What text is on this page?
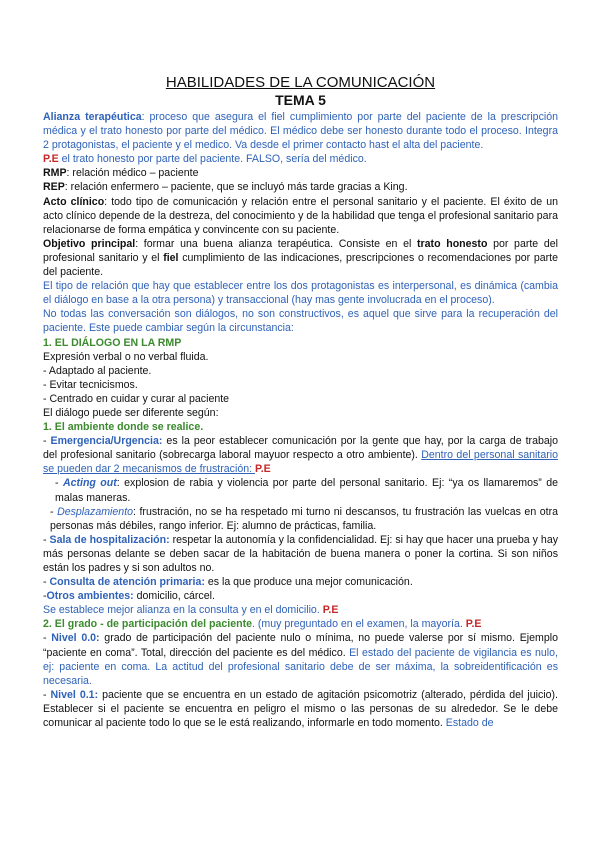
HABILIDADES DE LA COMUNICACIÓN
TEMA 5

Alianza terapéutica: proceso que asegura el fiel cumplimiento por parte del paciente de la prescripción médica y el trato honesto por parte del médico. El médico debe ser honesto durante todo el proceso. Integra 2 protagonistas, el paciente y el medico. Va desde el primer contacto hast el alta del paciente.

P.E el trato honesto por parte del paciente. FALSO, sería del médico.

RMP: relación médico – paciente

REP: relación enfermero – paciente, que se incluyó más tarde gracias a King.

Acto clínico: todo tipo de comunicación y relación entre el personal sanitario y el paciente. El éxito de un acto clínico depende de la destreza, del conocimiento y de la habilidad que tenga el profesional sanitario para relacionarse de forma empática y convincente con su paciente.

Objetivo principal: formar una buena alianza terapéutica. Consiste en el trato honesto por parte del profesional sanitario y el fiel cumplimiento de las indicaciones, prescripciones o recomendaciones por parte del paciente.

El tipo de relación que hay que establecer entre los dos protagonistas es interpersonal, es dinámica (cambia el diálogo en base a la otra persona) y transaccional (hay mas gente involucrada en el proceso).

No todas las conversación son diálogos, no son constructivos, es aquel que sirve para la recuperación del paciente. Este puede cambiar según la circunstancia:

1. EL DIÁLOGO EN LA RMP

Expresión verbal o no verbal fluida.

- Adaptado al paciente.

- Evitar tecnicismos.

- Centrado en cuidar y curar al paciente

El diálogo puede ser diferente según:

1. El ambiente donde se realice.

- Emergencia/Urgencia: es la peor establecer comunicación por la gente que hay, por la carga de trabajo del profesional sanitario (sobrecarga laboral mayuor respecto a otro ambiente). Dentro del personal sanitario se pueden dar 2 mecanismos de frustración: P.E

- Acting out: explosion de rabia y violencia por parte del personal sanitario. Ej: “ya os llamaremos” de malas maneras.

- Desplazamiento: frustración, no se ha respetado mi turno ni descansos, tu frustración las vuelcas en otra personas más débiles, rango inferior. Ej: alumno de prácticas, familia.

- Sala de hospitalización: respetar la autonomía y la confidencialidad. Ej: si hay que hacer una prueba y hay más personas delante se deben sacar de la habitación de buena manera o poner la cortina. Si son niños están los padres y si son adultos no.

- Consulta de atención primaria: es la que produce una mejor comunicación.

-Otros ambientes: domicilio, cárcel.

Se establece mejor alianza en la consulta y en el domicilio. P.E

2. El grado - de participación del paciente. (muy preguntado en el examen, la mayoría. P.E

- Nivel 0.0: grado de participación del paciente nulo o mínima, no puede valerse por sí mismo. Ejemplo “paciente en coma”. Total, dirección del paciente es del médico. El estado del paciente de vigilancia es nulo, ej: paciente en coma. La actitud del profesional sanitario debe de ser máxima, la sobreidentificación es necesaria.

- Nivel 0.1: paciente que se encuentra en un estado de agitación psicomotriz (alterado, pérdida del juicio). Establecer si el paciente se encuentra en peligro el mismo o las personas de su alrededor. Se le debe comunicar al paciente todo lo que se le está realizando, informarle en todo momento. Estado de
